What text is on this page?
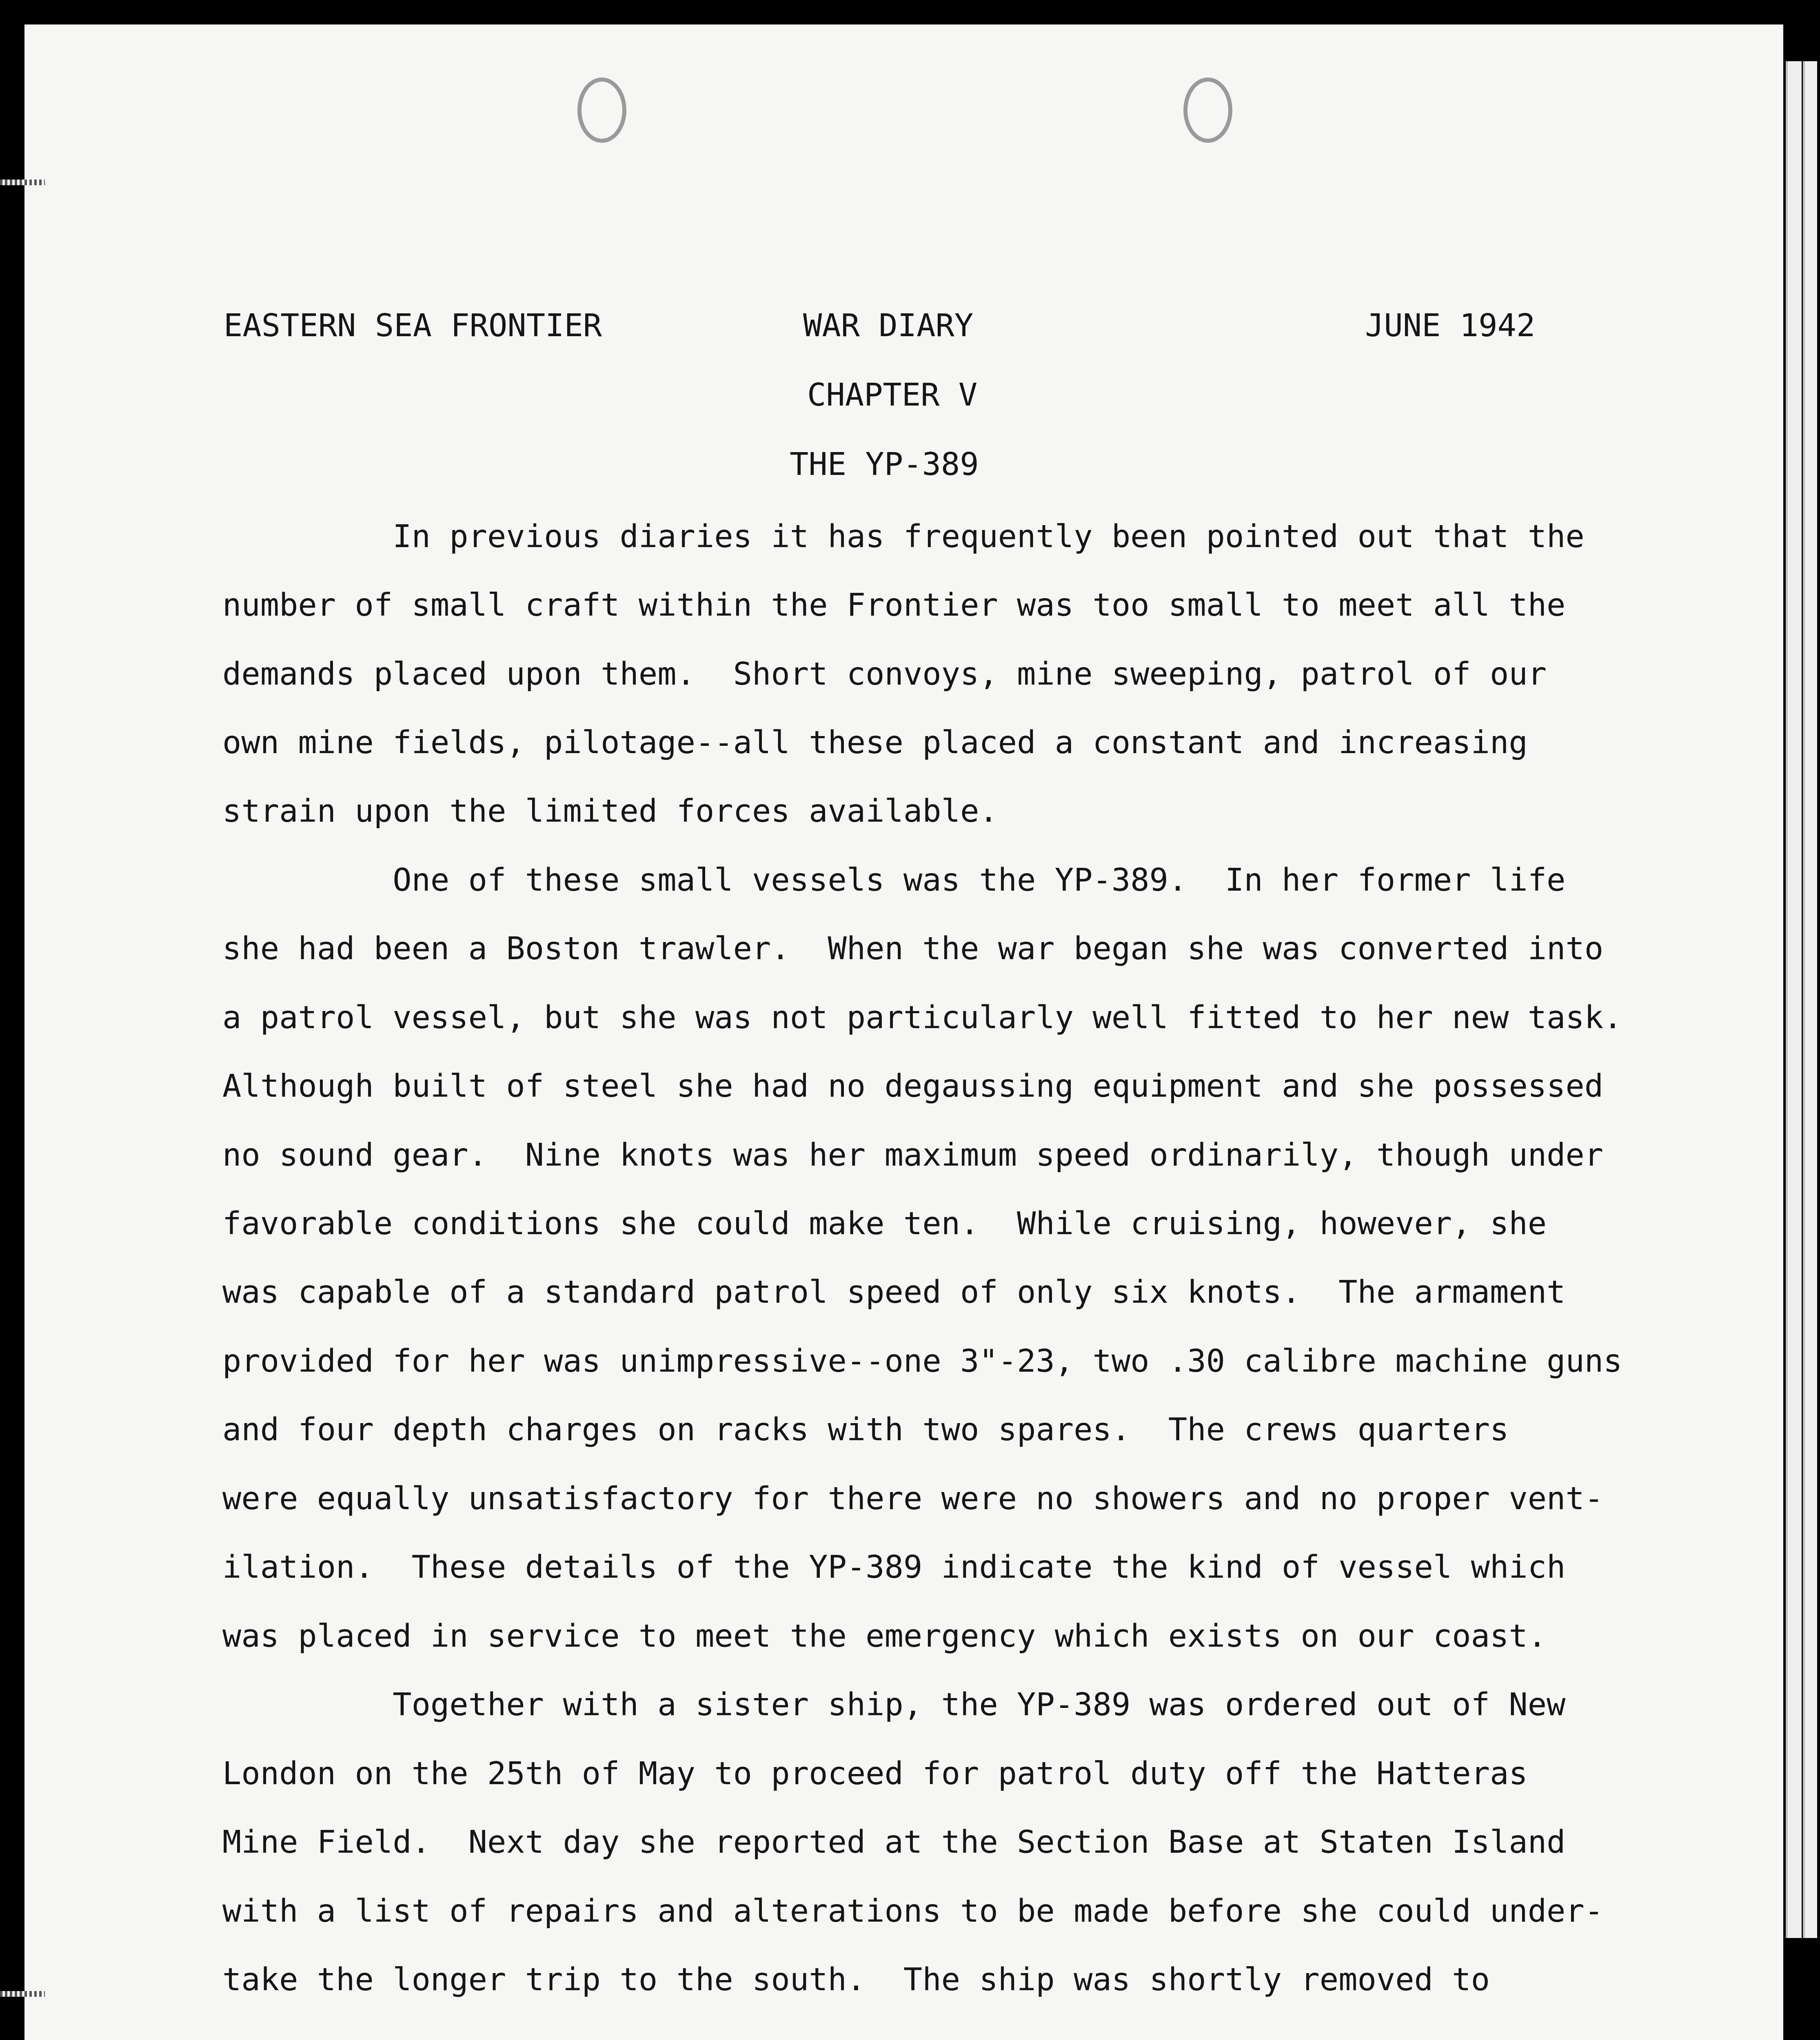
EASTERN SEA FRONTIER	WAR DIARY	JUNE 1942
CHAPTER V
THE YP-389
In previous diaries it has frequently been pointed out that the
number of small craft within the Frontier was too small to meet all the
demands placed upon them.  Short convoys, mine sweeping, patrol of our
own mine fields, pilotage--all these placed a constant and increasing
strain upon the limited forces available.
One of these small vessels was the YP-389.  In her former life
she had been a Boston trawler.  When the war began she was converted into
a patrol vessel, but she was not particularly well fitted to her new task.
Although built of steel she had no degaussing equipment and she possessed
no sound gear.  Nine knots was her maximum speed ordinarily, though under
favorable conditions she could make ten.  While cruising, however, she
was capable of a standard patrol speed of only six knots.  The armament
provided for her was unimpressive--one 3"-23, two .30 calibre machine guns
and four depth charges on racks with two spares.  The crews quarters
were equally unsatisfactory for there were no showers and no proper vent-
ilation.  These details of the YP-389 indicate the kind of vessel which
was placed in service to meet the emergency which exists on our coast.
Together with a sister ship, the YP-389 was ordered out of New
London on the 25th of May to proceed for patrol duty off the Hatteras
Mine Field.  Next day she reported at the Section Base at Staten Island
with a list of repairs and alterations to be made before she could under-
take the longer trip to the south.  The ship was shortly removed to
